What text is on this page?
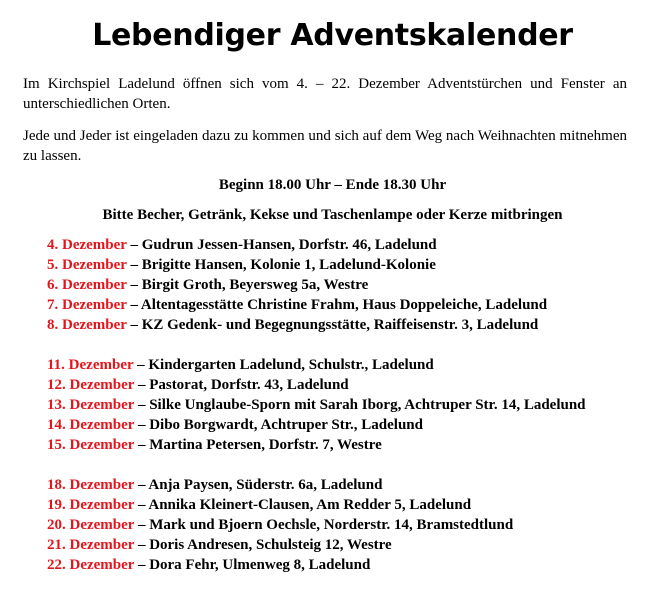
Lebendiger Adventskalender
Im Kirchspiel Ladelund öffnen sich vom 4. – 22. Dezember Adventstürchen und Fenster an unterschiedlichen Orten.
Jede und Jeder ist eingeladen dazu zu kommen und sich auf dem Weg nach Weihnachten mitnehmen zu lassen.
Beginn 18.00 Uhr – Ende 18.30 Uhr
Bitte Becher, Getränk, Kekse und Taschenlampe oder Kerze mitbringen
4. Dezember – Gudrun Jessen-Hansen, Dorfstr. 46, Ladelund
5. Dezember – Brigitte Hansen, Kolonie 1, Ladelund-Kolonie
6. Dezember – Birgit Groth, Beyersweg 5a, Westre
7. Dezember – Altentagesstätte Christine Frahm, Haus Doppeleiche, Ladelund
8. Dezember – KZ Gedenk- und Begegnungsstätte, Raiffeisenstr. 3, Ladelund
11. Dezember – Kindergarten Ladelund, Schulstr., Ladelund
12. Dezember – Pastorat, Dorfstr. 43, Ladelund
13. Dezember – Silke Unglaube-Sporn mit Sarah Iborg, Achtruper Str. 14, Ladelund
14. Dezember – Dibo Borgwardt, Achtruper Str., Ladelund
15. Dezember – Martina Petersen, Dorfstr. 7, Westre
18. Dezember – Anja Paysen, Süderstr. 6a, Ladelund
19. Dezember – Annika Kleinert-Clausen, Am Redder 5, Ladelund
20. Dezember – Mark und Bjoern Oechsle, Norderstr. 14, Bramstedtlund
21. Dezember – Doris Andresen, Schulsteig 12, Westre
22. Dezember – Dora Fehr, Ulmenweg 8, Ladelund
